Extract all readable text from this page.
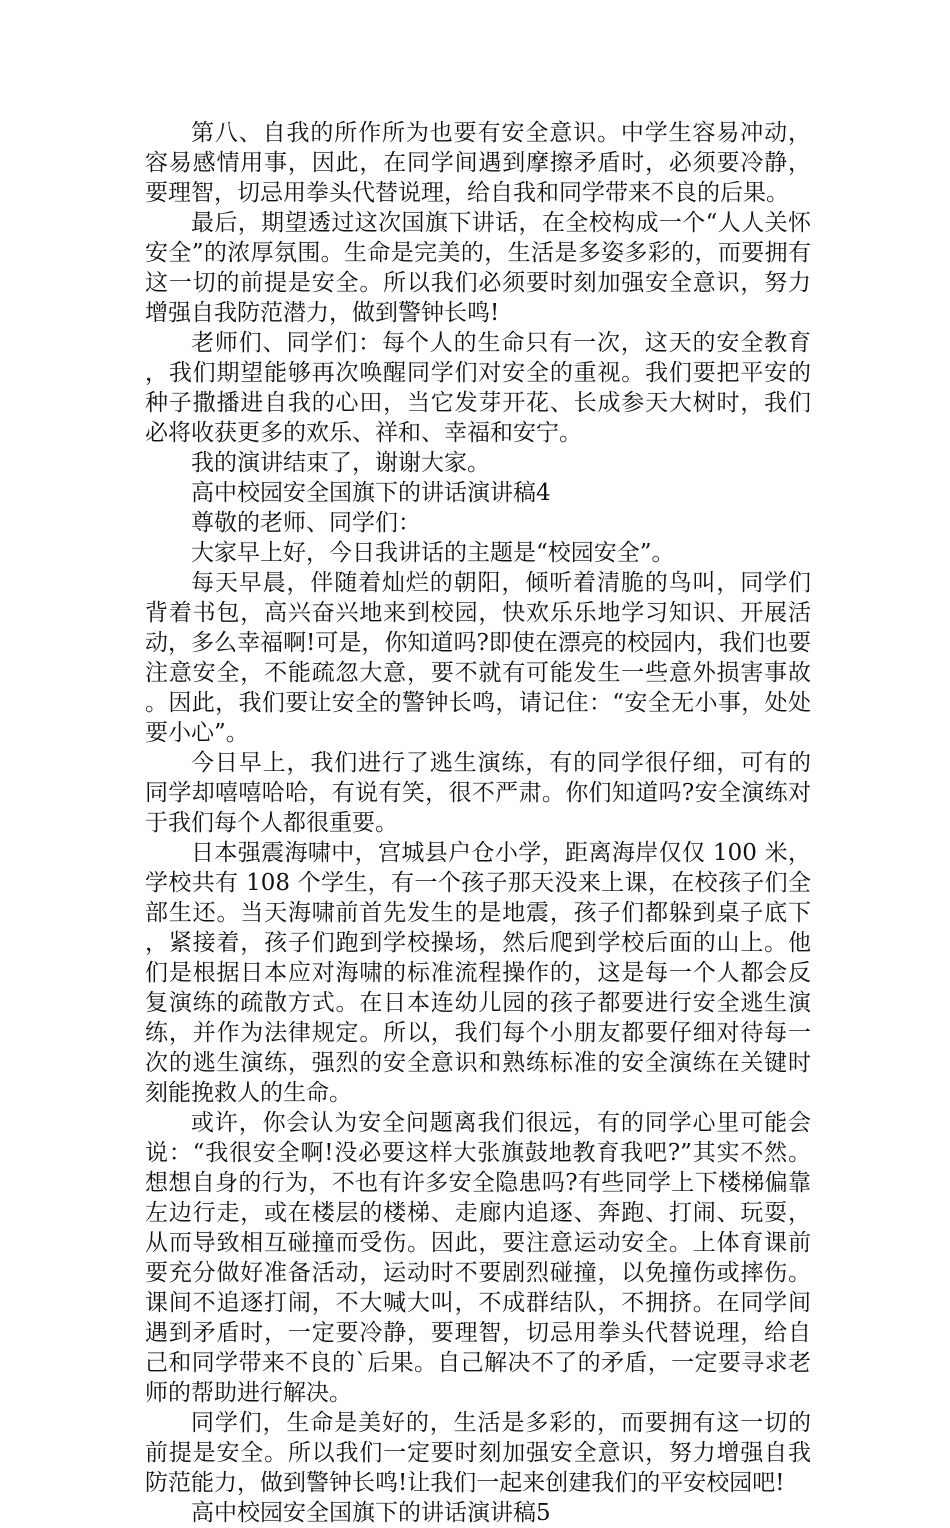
第八、自我的所作所为也要有安全意识。中学生容易冲动，容易感情用事，因此，在同学间遇到摩擦矛盾时，必须要冷静，要理智，切忌用拳头代替说理，给自我和同学带来不良的后果。

最后，期望透过这次国旗下讲话，在全校构成一个“人人关怀安全”的浓厚氛围。生命是完美的，生活是多姿多彩的，而要拥有这一切的前提是安全。所以我们必须要时刻加强安全意识，努力增强自我防范潜力，做到警钟长鸣!

老师们、同学们：每个人的生命只有一次，这天的安全教育，我们期望能够再次唤醒同学们对安全的重视。我们要把平安的种子撒播进自我的心田，当它发芽开花、长成参天大树时，我们必将收获更多的欢乐、祥和、幸福和安宁。

我的演讲结束了，谢谢大家。

高中校园安全国旗下的讲话演讲稿4

尊敬的老师、同学们：

大家早上好，今日我讲话的主题是“校园安全”。

每天早晨，伴随着灿烂的朝阳，倾听着清脆的鸟叫，同学们背着书包，高兴奋兴地来到校园，快欢乐乐地学习知识、开展活动，多么幸福啊!可是，你知道吗?即使在漂亮的校园内，我们也要注意安全，不能疏忽大意，要不就有可能发生一些意外损害事故。因此，我们要让安全的警钟长鸣，请记住：“安全无小事，处处要小心”。

今日早上，我们进行了逃生演练，有的同学很仔细，可有的同学却嘻嘻哈哈，有说有笑，很不严肃。你们知道吗?安全演练对于我们每个人都很重要。

日本强震海啸中，宫城县户仓小学，距离海岸仅仅 100 米，学校共有 108 个学生，有一个孩子那天没来上课，在校孩子们全部生还。当天海啸前首先发生的是地震，孩子们都躲到桌子底下，紧接着，孩子们跑到学校操场，然后爬到学校后面的山上。他们是根据日本应对海啸的标准流程操作的，这是每一个人都会反复演练的疏散方式。在日本连幼儿园的孩子都要进行安全逃生演练，并作为法律规定。所以，我们每个小朋友都要仔细对待每一次的逃生演练，强烈的安全意识和熟练标准的安全演练在关键时刻能挽救人的生命。

或许，你会认为安全问题离我们很远，有的同学心里可能会说：“我很安全啊!没必要这样大张旗鼓地教育我吧?”其实不然。想想自身的行为，不也有许多安全隐患吗?有些同学上下楼梯偏靠左边行走，或在楼层的楼梯、走廊内追逐、奔跑、打闹、玩耍，从而导致相互碰撞而受伤。因此，要注意运动安全。上体育课前要充分做好准备活动，运动时不要剧烈碰撞，以免撞伤或摔伤。课间不追逐打闹，不大喊大叫，不成群结队，不拥挤。在同学间遇到矛盾时，一定要冷静，要理智，切忌用拳头代替说理，给自己和同学带来不良的`后果。自己解决不了的矛盾，一定要寻求老师的帮助进行解决。

同学们，生命是美好的，生活是多彩的，而要拥有这一切的前提是安全。所以我们一定要时刻加强安全意识，努力增强自我防范能力，做到警钟长鸣!让我们一起来创建我们的平安校园吧!

高中校园安全国旗下的讲话演讲稿5
